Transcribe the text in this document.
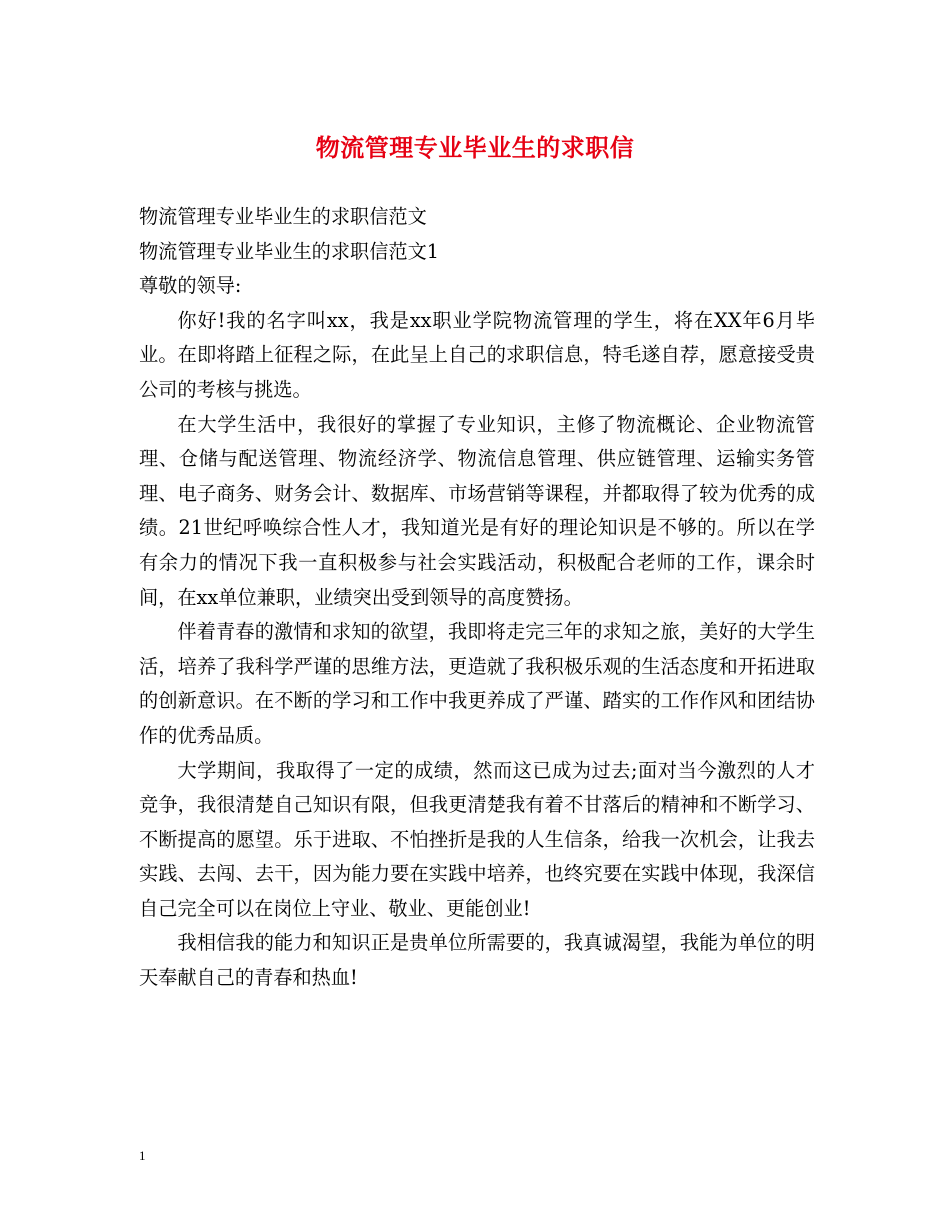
物流管理专业毕业生的求职信

物流管理专业毕业生的求职信范文

物流管理专业毕业生的求职信范文1

尊敬的领导:

你好!我的名字叫xx，我是xx职业学院物流管理的学生，将在XX年6月毕业。在即将踏上征程之际，在此呈上自己的求职信息，特毛遂自荐，愿意接受贵公司的考核与挑选。

在大学生活中，我很好的掌握了专业知识，主修了物流概论、企业物流管理、仓储与配送管理、物流经济学、物流信息管理、供应链管理、运输实务管理、电子商务、财务会计、数据库、市场营销等课程，并都取得了较为优秀的成绩。21世纪呼唤综合性人才，我知道光是有好的理论知识是不够的。所以在学有余力的情况下我一直积极参与社会实践活动，积极配合老师的工作，课余时间，在xx单位兼职，业绩突出受到领导的高度赞扬。

伴着青春的激情和求知的欲望，我即将走完三年的求知之旅，美好的大学生活，培养了我科学严谨的思维方法，更造就了我积极乐观的生活态度和开拓进取的创新意识。在不断的学习和工作中我更养成了严谨、踏实的工作作风和团结协作的优秀品质。

大学期间，我取得了一定的成绩，然而这已成为过去;面对当今激烈的人才竞争，我很清楚自己知识有限，但我更清楚我有着不甘落后的精神和不断学习、不断提高的愿望。乐于进取、不怕挫折是我的人生信条，给我一次机会，让我去实践、去闯、去干，因为能力要在实践中培养，也终究要在实践中体现，我深信自己完全可以在岗位上守业、敬业、更能创业!

我相信我的能力和知识正是贵单位所需要的，我真诚渴望，我能为单位的明天奉献自己的青春和热血!

1
